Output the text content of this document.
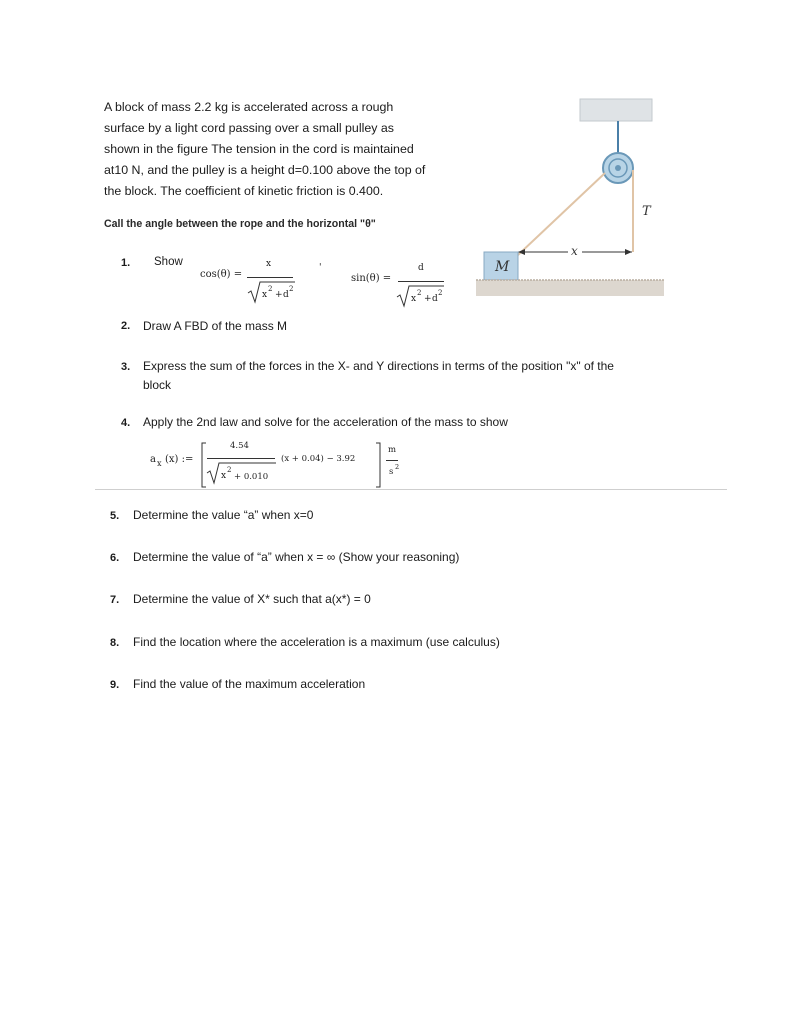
A block of mass 2.2 kg is accelerated across a rough

surface by a light cord passing over a small pulley as

shown in the figure The tension in the cord is maintained

at10 N, and the pulley is a height d=0.100 above the top of

the block. The coefficient of kinetic friction is 0.400.

Call the angle between the rope and the horizontal "θ"
T
x
M
1. Show
cos(θ) =
x
x
2
+ d
2
'
sin(θ) =
d
x
2
+ d
2
2. Draw A FBD of the mass M
3. Express the sum of the forces in the X- and Y directions in terms of the position "x" of the
block
4. Apply the 2nd law and solve for the acceleration of the mass to show
a x (x) :=
4.54
x
2
+ 0.010
(x + 0.04) − 3.92
m
s 2
5. Determine the value “a” when x=0
6. Determine the value of “a” when x = ∞ (Show your reasoning)
7. Determine the value of X* such that a(x*) = 0
8. Find the location where the acceleration is a maximum (use calculus)
9. Find the value of the maximum acceleration
